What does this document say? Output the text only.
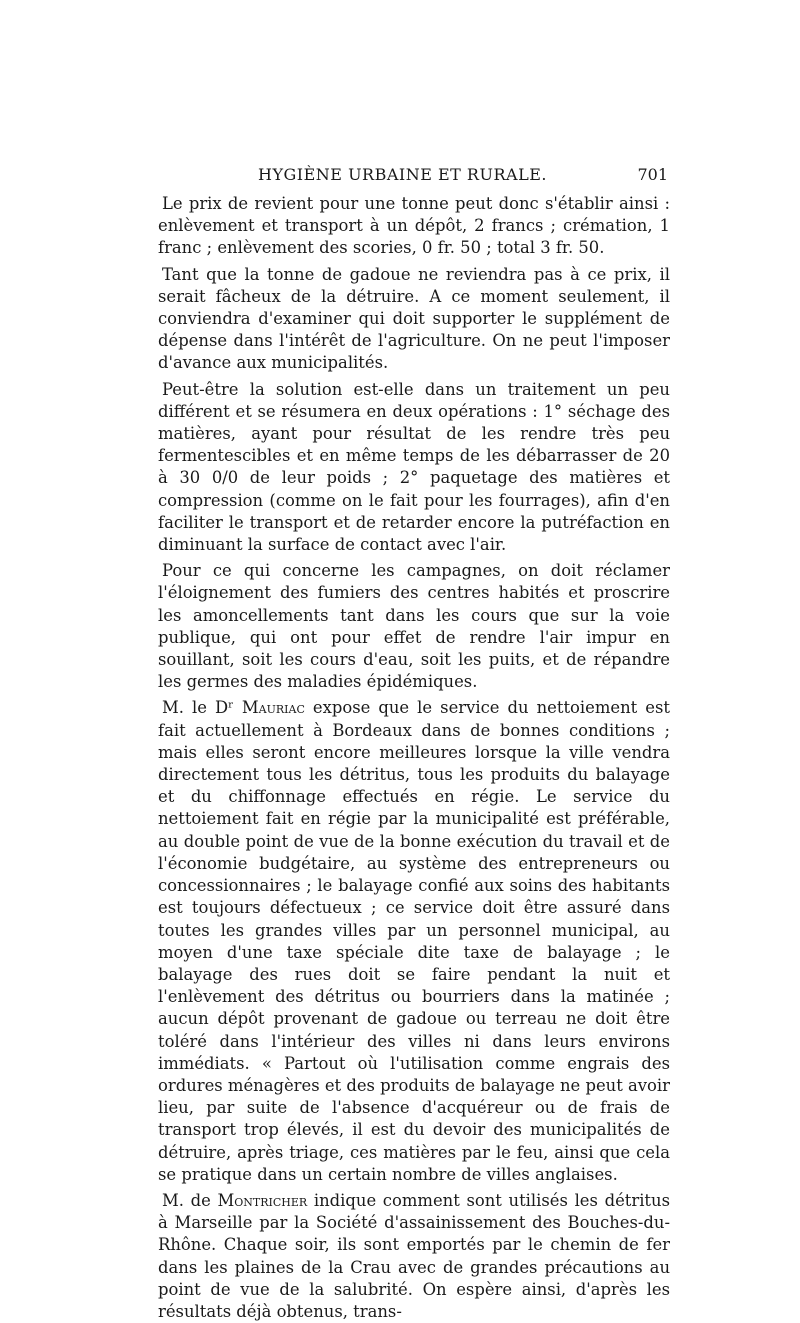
HYGIÈNE URBAINE ET RURALE.	701

Le prix de revient pour une tonne peut donc s'établir ainsi : enlèvement et transport à un dépôt, 2 francs ; crémation, 1 franc ; enlèvement des scories, 0 fr. 50 ; total 3 fr. 50.

Tant que la tonne de gadoue ne reviendra pas à ce prix, il serait fâcheux de la détruire. A ce moment seulement, il conviendra d'examiner qui doit supporter le supplément de dépense dans l'intérêt de l'agriculture. On ne peut l'imposer d'avance aux municipalités.

Peut-être la solution est-elle dans un traitement un peu différent et se résumera en deux opérations : 1° séchage des matières, ayant pour résultat de les rendre très peu fermentescibles et en même temps de les débarrasser de 20 à 30 0/0 de leur poids ; 2° paquetage des matières et compression (comme on le fait pour les fourrages), afin d'en faciliter le transport et de retarder encore la putréfaction en diminuant la surface de contact avec l'air.

Pour ce qui concerne les campagnes, on doit réclamer l'éloignement des fumiers des centres habités et proscrire les amoncellements tant dans les cours que sur la voie publique, qui ont pour effet de rendre l'air impur en souillant, soit les cours d'eau, soit les puits, et de répandre les germes des maladies épidémiques.

M. le Dʳ Mauriac expose que le service du nettoiement est fait actuellement à Bordeaux dans de bonnes conditions ; mais elles seront encore meilleures lorsque la ville vendra directement tous les détritus, tous les produits du balayage et du chiffonnage effectués en régie. Le service du nettoiement fait en régie par la municipalité est préférable, au double point de vue de la bonne exécution du travail et de l'économie budgétaire, au système des entrepreneurs ou concessionnaires ; le balayage confié aux soins des habitants est toujours défectueux ; ce service doit être assuré dans toutes les grandes villes par un personnel municipal, au moyen d'une taxe spéciale dite taxe de balayage ; le balayage des rues doit se faire pendant la nuit et l'enlèvement des détritus ou bourriers dans la matinée ; aucun dépôt provenant de gadoue ou terreau ne doit être toléré dans l'intérieur des villes ni dans leurs environs immédiats. « Partout où l'utilisation comme engrais des ordures ménagères et des produits de balayage ne peut avoir lieu, par suite de l'absence d'acquéreur ou de frais de transport trop élevés, il est du devoir des municipalités de détruire, après triage, ces matières par le feu, ainsi que cela se pratique dans un certain nombre de villes anglaises.

M. de Montricher indique comment sont utilisés les détritus à Marseille par la Société d'assainissement des Bouches-du-Rhône. Chaque soir, ils sont emportés par le chemin de fer dans les plaines de la Crau avec de grandes précautions au point de vue de la salubrité. On espère ainsi, d'après les résultats déjà obtenus, trans-
